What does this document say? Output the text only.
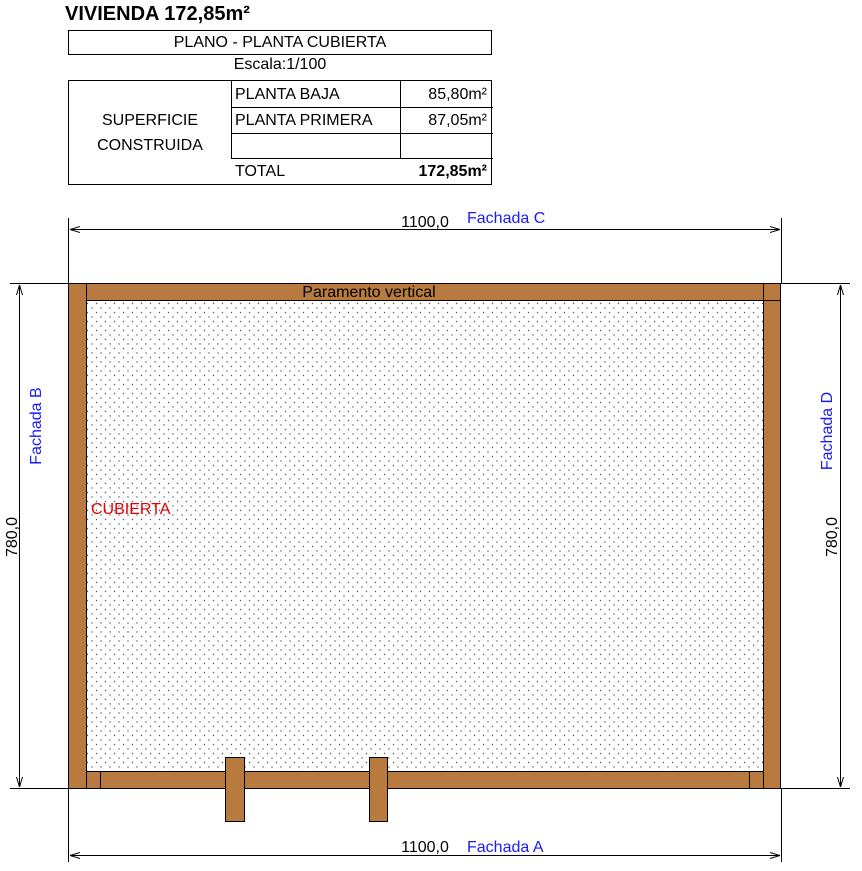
VIVIENDA 172,85m²
PLANO - PLANTA CUBIERTA
Escala:1/100
SUPERFICIE
CONSTRUIDA
PLANTA BAJA	85,80m²
PLANTA PRIMERA	87,05m²
TOTAL	172,85m²
1100,0 Fachada C
1100,0 Fachada A
780,0
Fachada B
780,0
Fachada D
Paramento vertical
CUBIERTA
